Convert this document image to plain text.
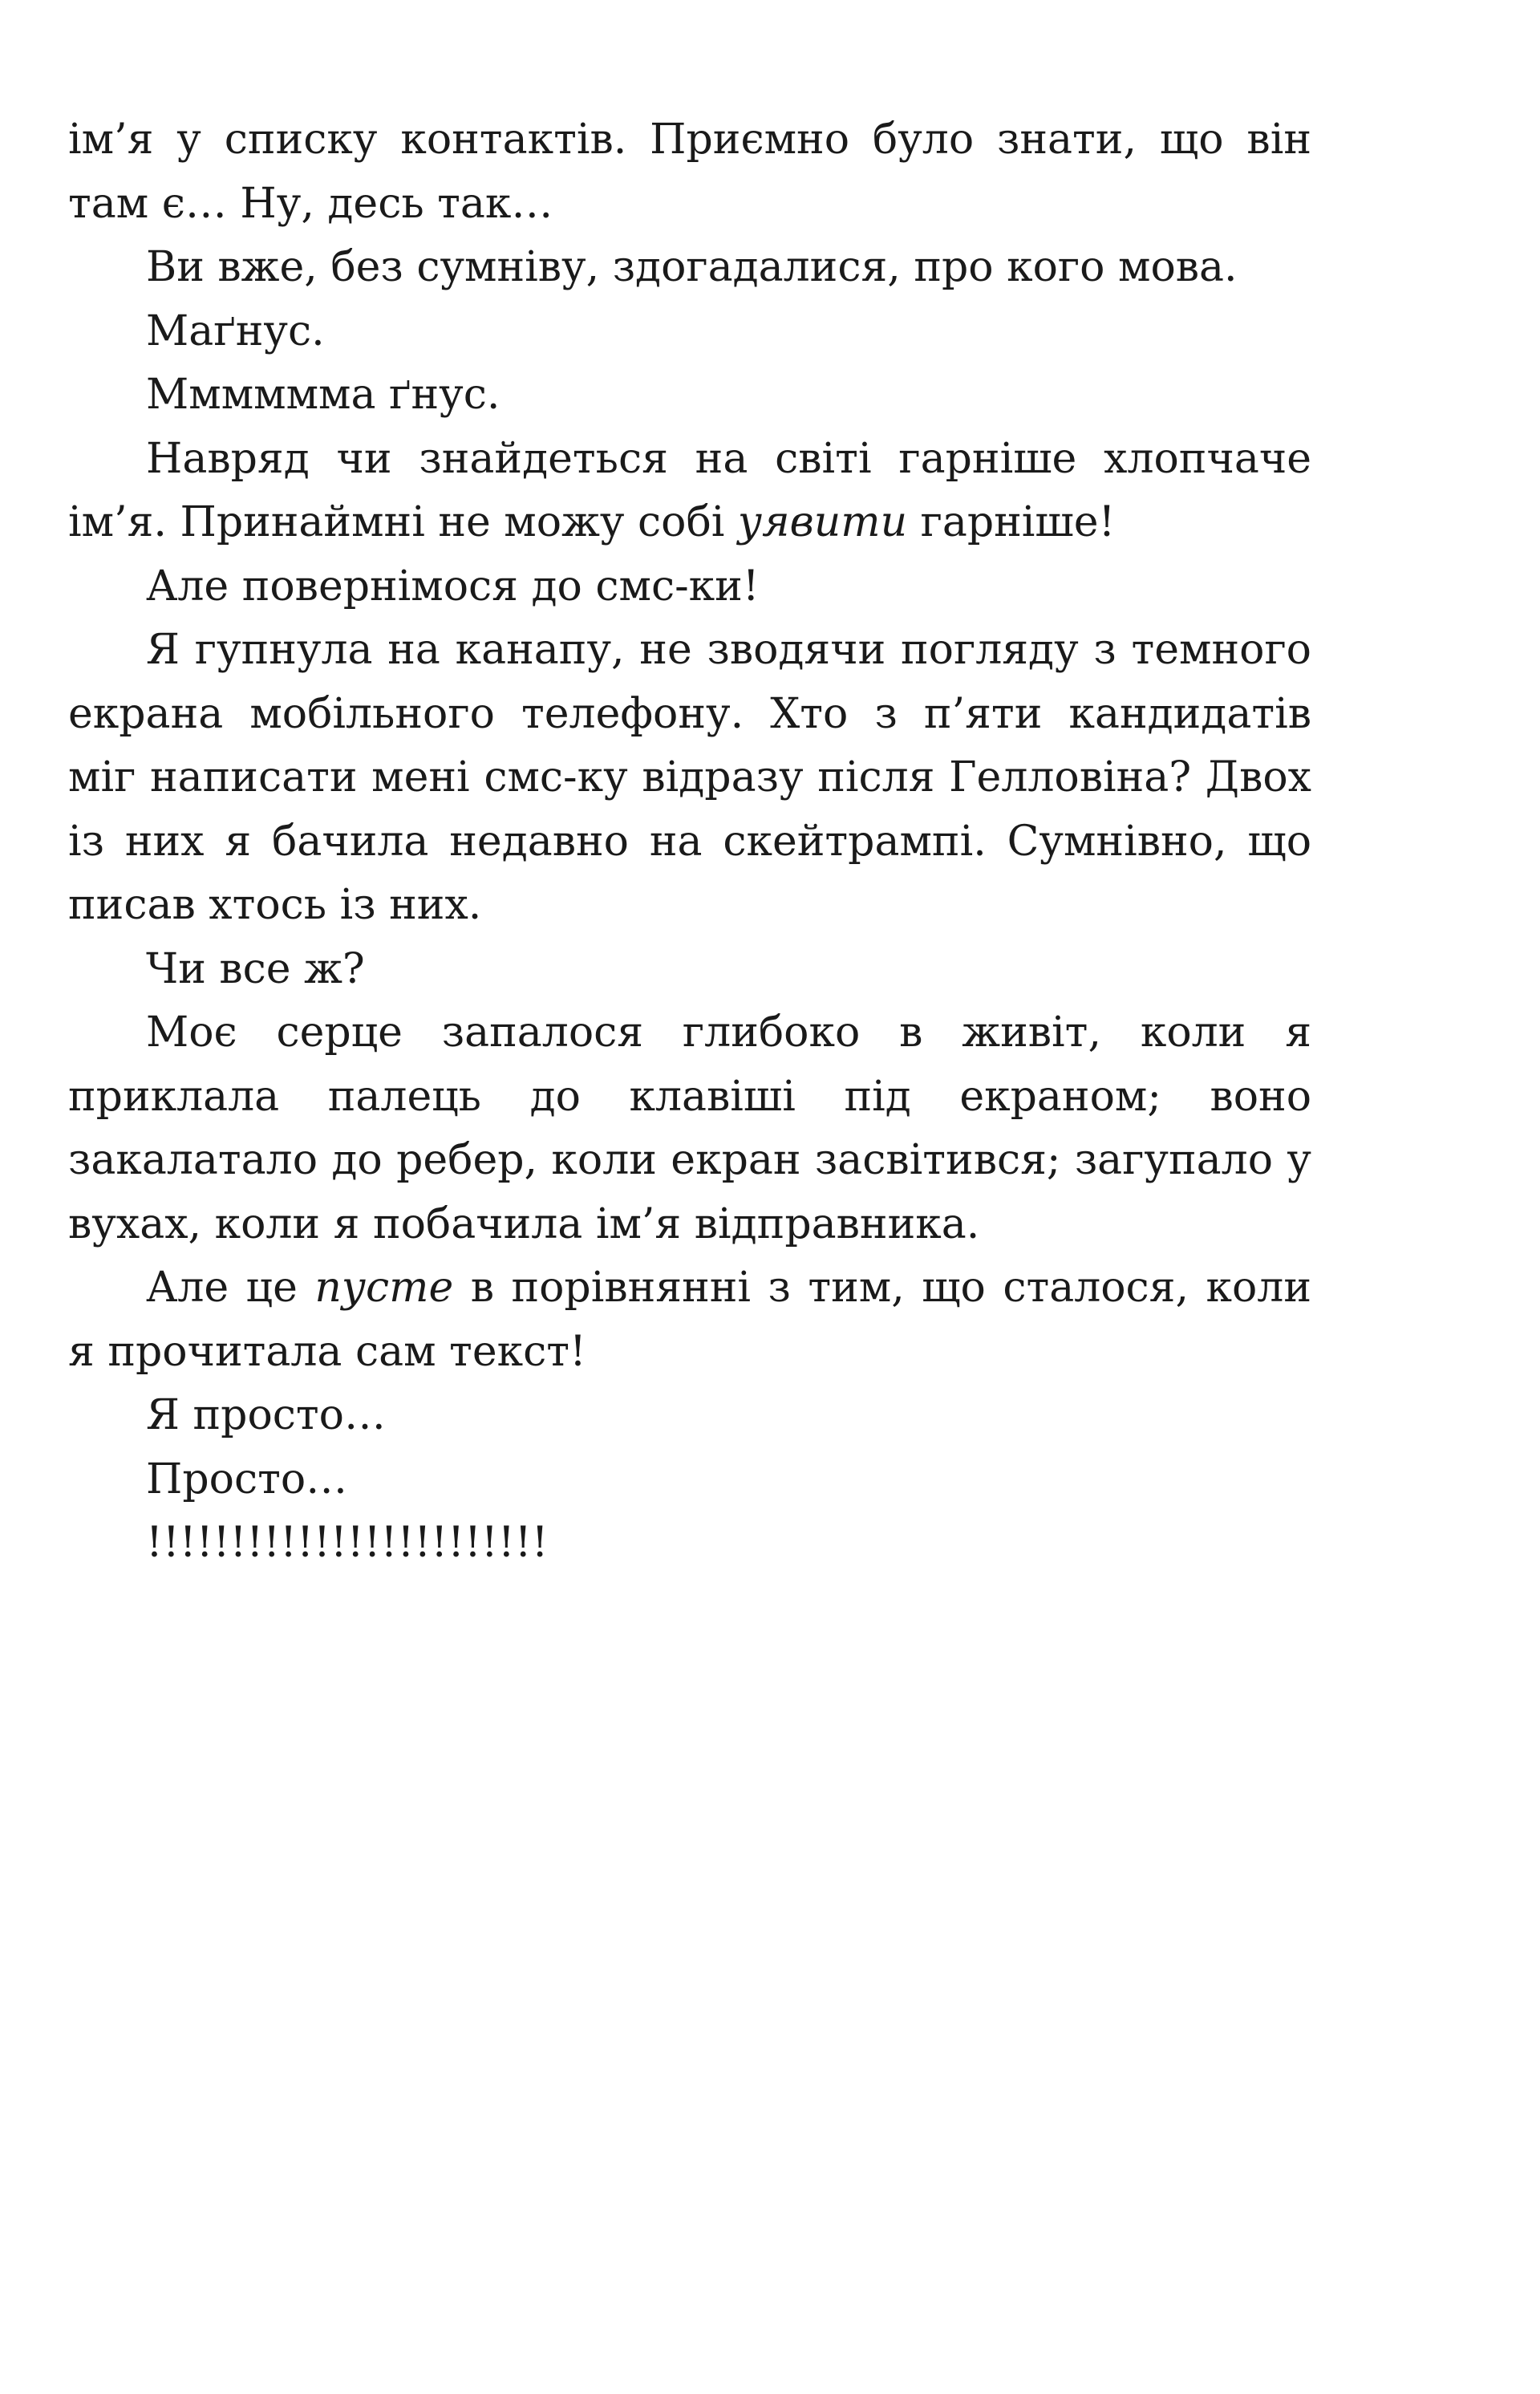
ім’я у списку контактів. Приємно було знати, що він там є… Ну, десь так…

Ви вже, без сумніву, здогадалися, про кого мова.

Маґнус.

Мммммма ґнус.

Навряд чи знайдеться на світі гарніше хлопчаче ім’я. Принаймні не можу собі уявити гарніше!

Але повернімося до смс-ки!

Я гупнула на канапу, не зводячи погляду з темного екрана мобільного телефону. Хто з п’яти кандидатів міг написати мені смс-ку відразу після Гелловіна? Двох із них я бачила недавно на скейтрампі. Сумнівно, що писав хтось із них.

Чи все ж?

Моє серце запалося глибоко в живіт, коли я приклала палець до клавіші під екраном; воно закалатало до ребер, коли екран засвітився; загупало у вухах, коли я побачила ім’я відправника.

Але це пусте в порівнянні з тим, що сталося, коли я прочитала сам текст!

Я просто…

Просто…

!!!!!!!!!!!!!!!!!!!!!!!!
